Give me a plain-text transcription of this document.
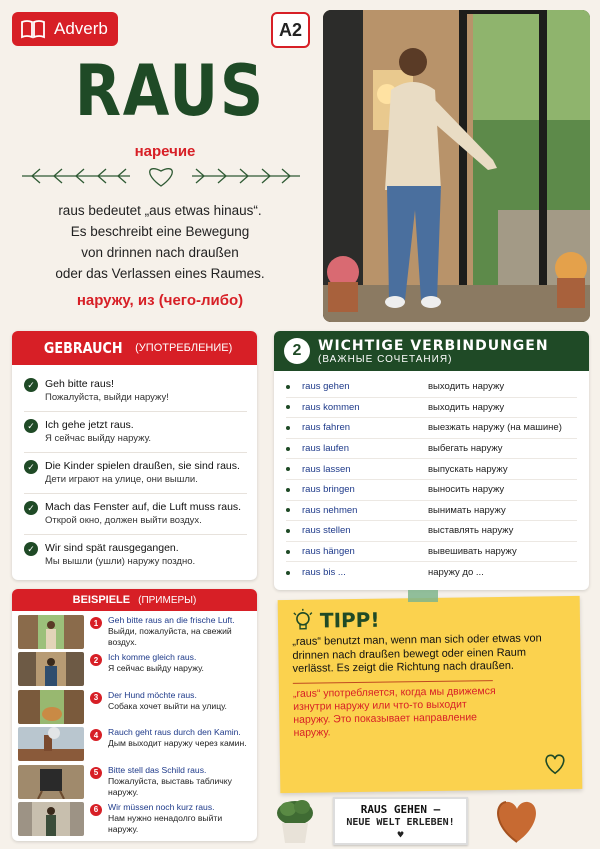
Adverb	A2
RAUS
наречие
raus bedeutet „aus etwas hinaus“.
Es beschreibt eine Bewegung
von drinnen nach draußen
oder das Verlassen eines Raumes.
наружу, из (чего-либо)
GEBRAUCH (УПОТРЕБЛЕНИЕ)
✓ Geh bitte raus!
Пожалуйста, выйди наружу!
✓ Ich gehe jetzt raus.
Я сейчас выйду наружу.
✓ Die Kinder spielen draußen, sie sind raus.
Дети играют на улице, они вышли.
✓ Mach das Fenster auf, die Luft muss raus.
Открой окно, должен выйти воздух.
✓ Wir sind spät rausgegangen.
Мы вышли (ушли) наружу поздно.
2	WICHTIGE VERBINDUNGEN
(ВАЖНЫЕ СОЧЕТАНИЯ)
raus gehen	выходить наружу
raus kommen	выходить наружу
raus fahren	выезжать наружу (на машине)
raus laufen	выбегать наружу
raus lassen	выпускать наружу
raus bringen	выносить наружу
raus nehmen	вынимать наружу
raus stellen	выставлять наружу
raus hängen	вывешивать наружу
raus bis ...	наружу до ...
BEISPIELE (ПРИМЕРЫ)
1	Geh bitte raus an die frische Luft.
Выйди, пожалуйста, на свежий воздух.
2	Ich komme gleich raus.
Я сейчас выйду наружу.
3	Der Hund möchte raus.
Собака хочет выйти на улицу.
4	Rauch geht raus durch den Kamin.
Дым выходит наружу через камин.
5	Bitte stell das Schild raus.
Пожалуйста, выставь табличку наружу.
6	Wir müssen noch kurz raus.
Нам нужно ненадолго выйти наружу.
TIPP!
„raus“ benutzt man, wenn man sich oder etwas von drinnen nach draußen bewegt oder einen Raum verlässt. Es zeigt die Richtung nach draußen.
„raus“ употребляется, когда мы движемся изнутри наружу или что-то выходит наружу. Это показывает направление наружу.
RAUS GEHEN –
NEUE WELT ERLEBEN!
♥
